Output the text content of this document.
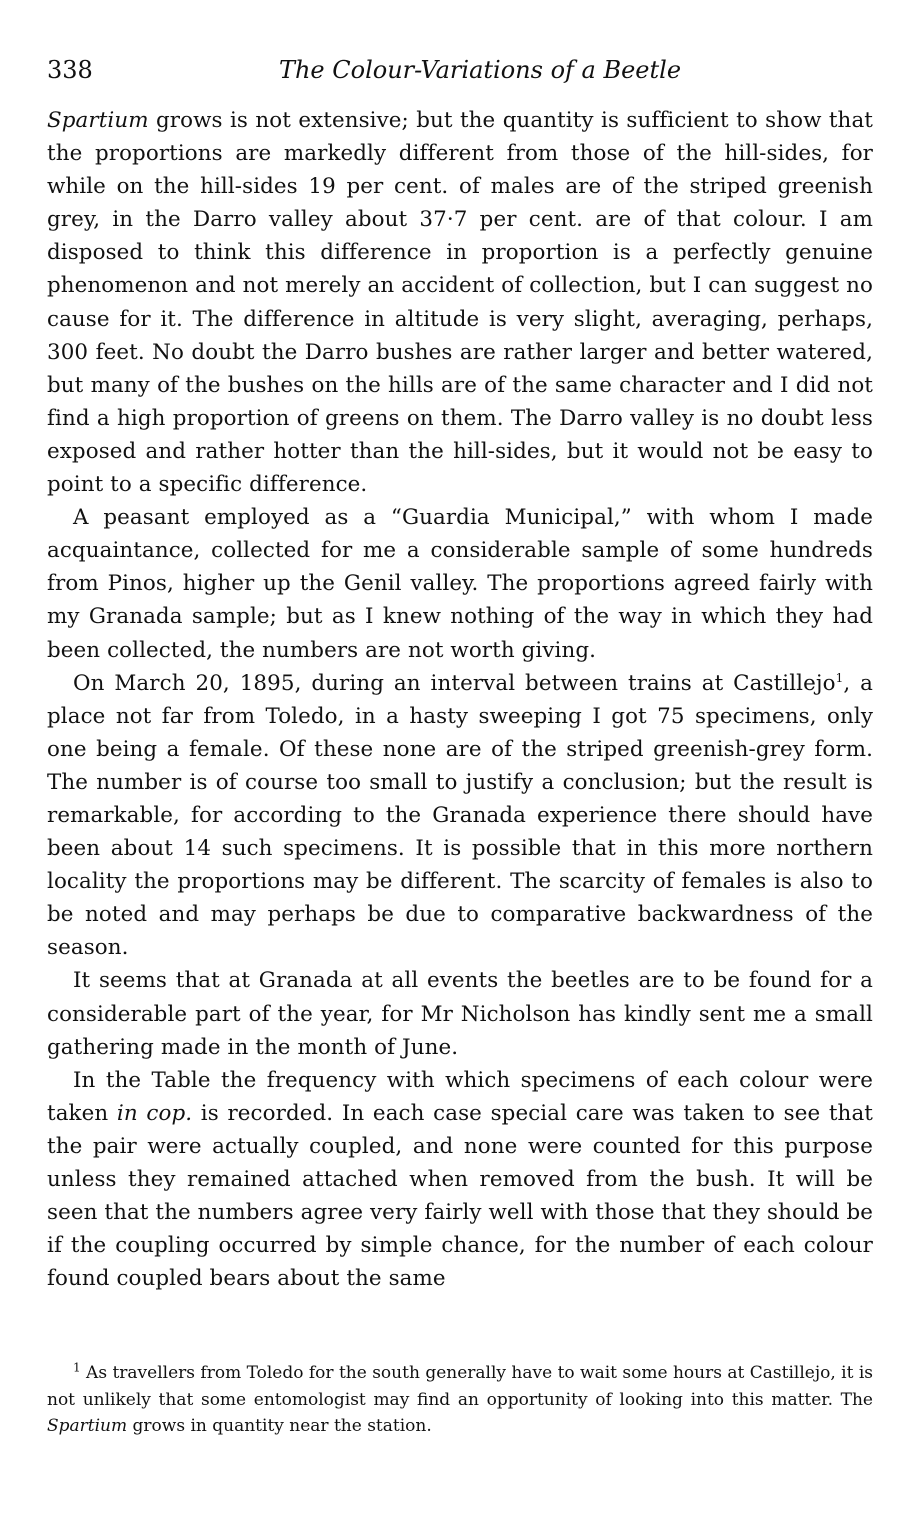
338	The Colour-Variations of a Beetle

Spartium grows is not extensive; but the quantity is sufficient to show that the proportions are markedly different from those of the hill-sides, for while on the hill-sides 19 per cent. of males are of the striped greenish grey, in the Darro valley about 37·7 per cent. are of that colour. I am disposed to think this difference in proportion is a perfectly genuine phenomenon and not merely an accident of collection, but I can suggest no cause for it. The difference in altitude is very slight, averaging, perhaps, 300 feet. No doubt the Darro bushes are rather larger and better watered, but many of the bushes on the hills are of the same character and I did not find a high proportion of greens on them. The Darro valley is no doubt less exposed and rather hotter than the hill-sides, but it would not be easy to point to a specific difference.

A peasant employed as a “Guardia Municipal,” with whom I made acquaintance, collected for me a considerable sample of some hundreds from Pinos, higher up the Genil valley. The proportions agreed fairly with my Granada sample; but as I knew nothing of the way in which they had been collected, the numbers are not worth giving.

On March 20, 1895, during an interval between trains at Castillejo$^1$, a place not far from Toledo, in a hasty sweeping I got 75 specimens, only one being a female. Of these none are of the striped greenish-grey form. The number is of course too small to justify a conclusion; but the result is remarkable, for according to the Granada experience there should have been about 14 such specimens. It is possible that in this more northern locality the proportions may be different. The scarcity of females is also to be noted and may perhaps be due to comparative backwardness of the season.

It seems that at Granada at all events the beetles are to be found for a considerable part of the year, for Mr Nicholson has kindly sent me a small gathering made in the month of June.

In the Table the frequency with which specimens of each colour were taken in cop. is recorded. In each case special care was taken to see that the pair were actually coupled, and none were counted for this purpose unless they remained attached when removed from the bush. It will be seen that the numbers agree very fairly well with those that they should be if the coupling occurred by simple chance, for the number of each colour found coupled bears about the same

$^1$ As travellers from Toledo for the south generally have to wait some hours at Castillejo, it is not unlikely that some entomologist may find an opportunity of looking into this matter. The Spartium grows in quantity near the station.
